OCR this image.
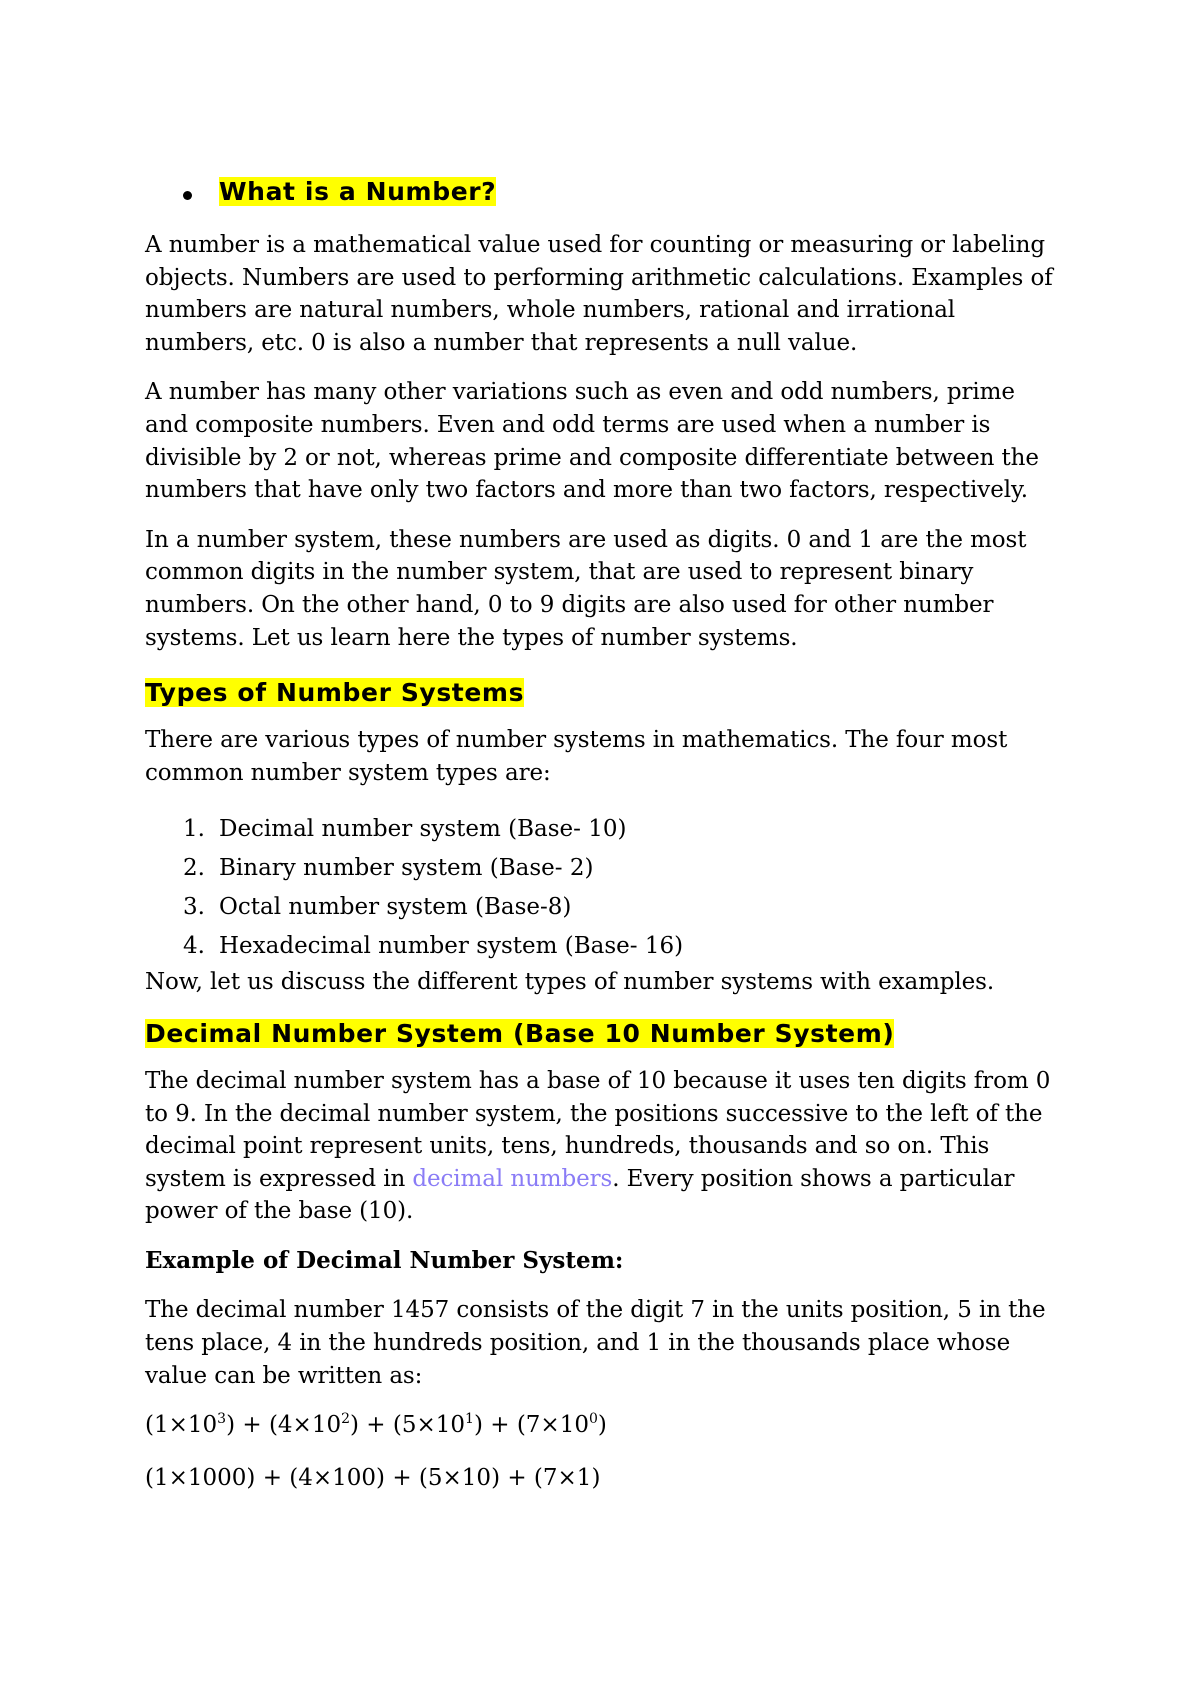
What is a Number?

A number is a mathematical value used for counting or measuring or labeling objects. Numbers are used to performing arithmetic calculations. Examples of numbers are natural numbers, whole numbers, rational and irrational numbers, etc. 0 is also a number that represents a null value.

A number has many other variations such as even and odd numbers, prime and composite numbers. Even and odd terms are used when a number is divisible by 2 or not, whereas prime and composite differentiate between the numbers that have only two factors and more than two factors, respectively.

In a number system, these numbers are used as digits. 0 and 1 are the most common digits in the number system, that are used to represent binary numbers. On the other hand, 0 to 9 digits are also used for other number systems. Let us learn here the types of number systems.

Types of Number Systems

There are various types of number systems in mathematics. The four most common number system types are:

1. Decimal number system (Base- 10)
2. Binary number system (Base- 2)
3. Octal number system (Base-8)
4. Hexadecimal number system (Base- 16)

Now, let us discuss the different types of number systems with examples.

Decimal Number System (Base 10 Number System)

The decimal number system has a base of 10 because it uses ten digits from 0 to 9. In the decimal number system, the positions successive to the left of the decimal point represent units, tens, hundreds, thousands and so on. This system is expressed in decimal numbers. Every position shows a particular power of the base (10).

Example of Decimal Number System:

The decimal number 1457 consists of the digit 7 in the units position, 5 in the tens place, 4 in the hundreds position, and 1 in the thousands place whose value can be written as:

$(1\times 10^3) + (4\times 10^2) + (5\times 10^1) + (7\times 10^0)$

(1×1000) + (4×100) + (5×10) + (7×1)
